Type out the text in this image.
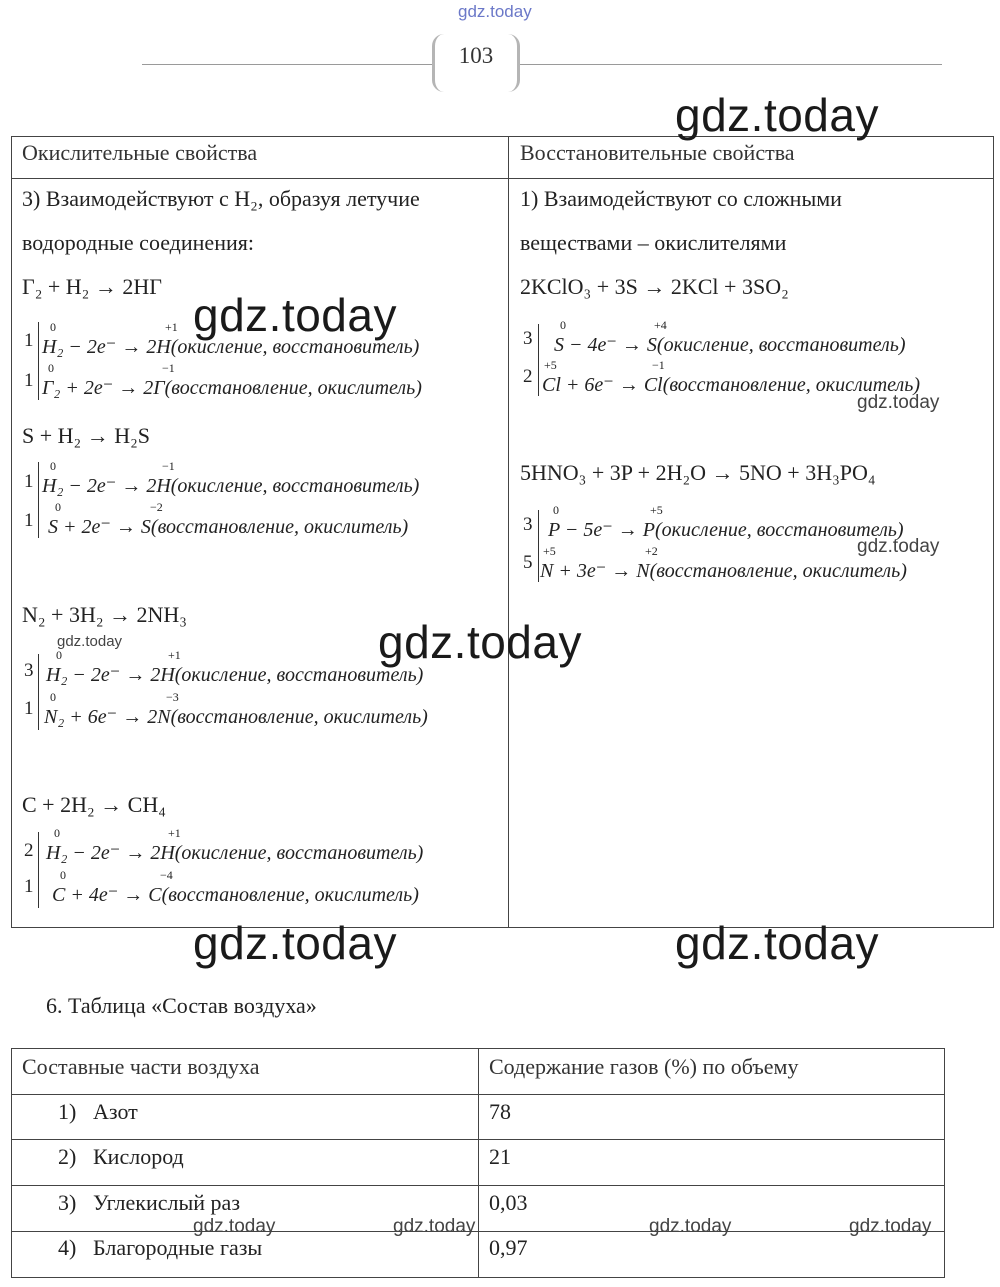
gdz.today
103
Окислительные свойства	Восстановительные свойства
3) Взаимодействуют с H₂, образуя летучие
водородные соединения:
Г₂ + H₂ → 2HГ
1
1
0	+1
H₂ − 2e⁻ → 2H(окисление, восстановитель)
0	−1
Г₂ + 2e⁻ → 2Г(восстановление, окислитель)
S + H₂ → H₂S
1
1
0	−1
H₂ − 2e⁻ → 2H(окисление, восстановитель)
0	−2
S + 2e⁻ → S(восстановление, окислитель)
N₂ + 3H₂ → 2NH₃
3
1
0	+1
H₂ − 2e⁻ → 2H(окисление, восстановитель)
0	−3
N₂ + 6e⁻ → 2N(восстановление, окислитель)
C + 2H₂ → CH₄
2
1
0	+1
H₂ − 2e⁻ → 2H(окисление, восстановитель)
0	−4
C + 4e⁻ → C(восстановление, окислитель)
1) Взаимодействуют со сложными
веществами – окислителями
2KClO₃ + 3S → 2KCl + 3SO₂
3
2
0	+4
S − 4e⁻ → S(окисление, восстановитель)
+5	−1
Cl + 6e⁻ → Cl(восстановление, окислитель)
5HNO₃ + 3P + 2H₂O → 5NO + 3H₃PO₄
3
5
0	+5
P − 5e⁻ → P(окисление, восстановитель)
+5	+2
N + 3e⁻ → N(восстановление, окислитель)
6. Таблица «Состав воздуха»
Составные части воздуха	Содержание газов (%) по объему
1) Азот	78
2) Кислород	21
3) Углекислый раз	0,03
4) Благородные газы	0,97
gdz.today
gdz.today
gdz.today
gdz.today	gdz.today
gdz.today
gdz.today
gdz.today
gdz.today	gdz.today	gdz.today	gdz.today
